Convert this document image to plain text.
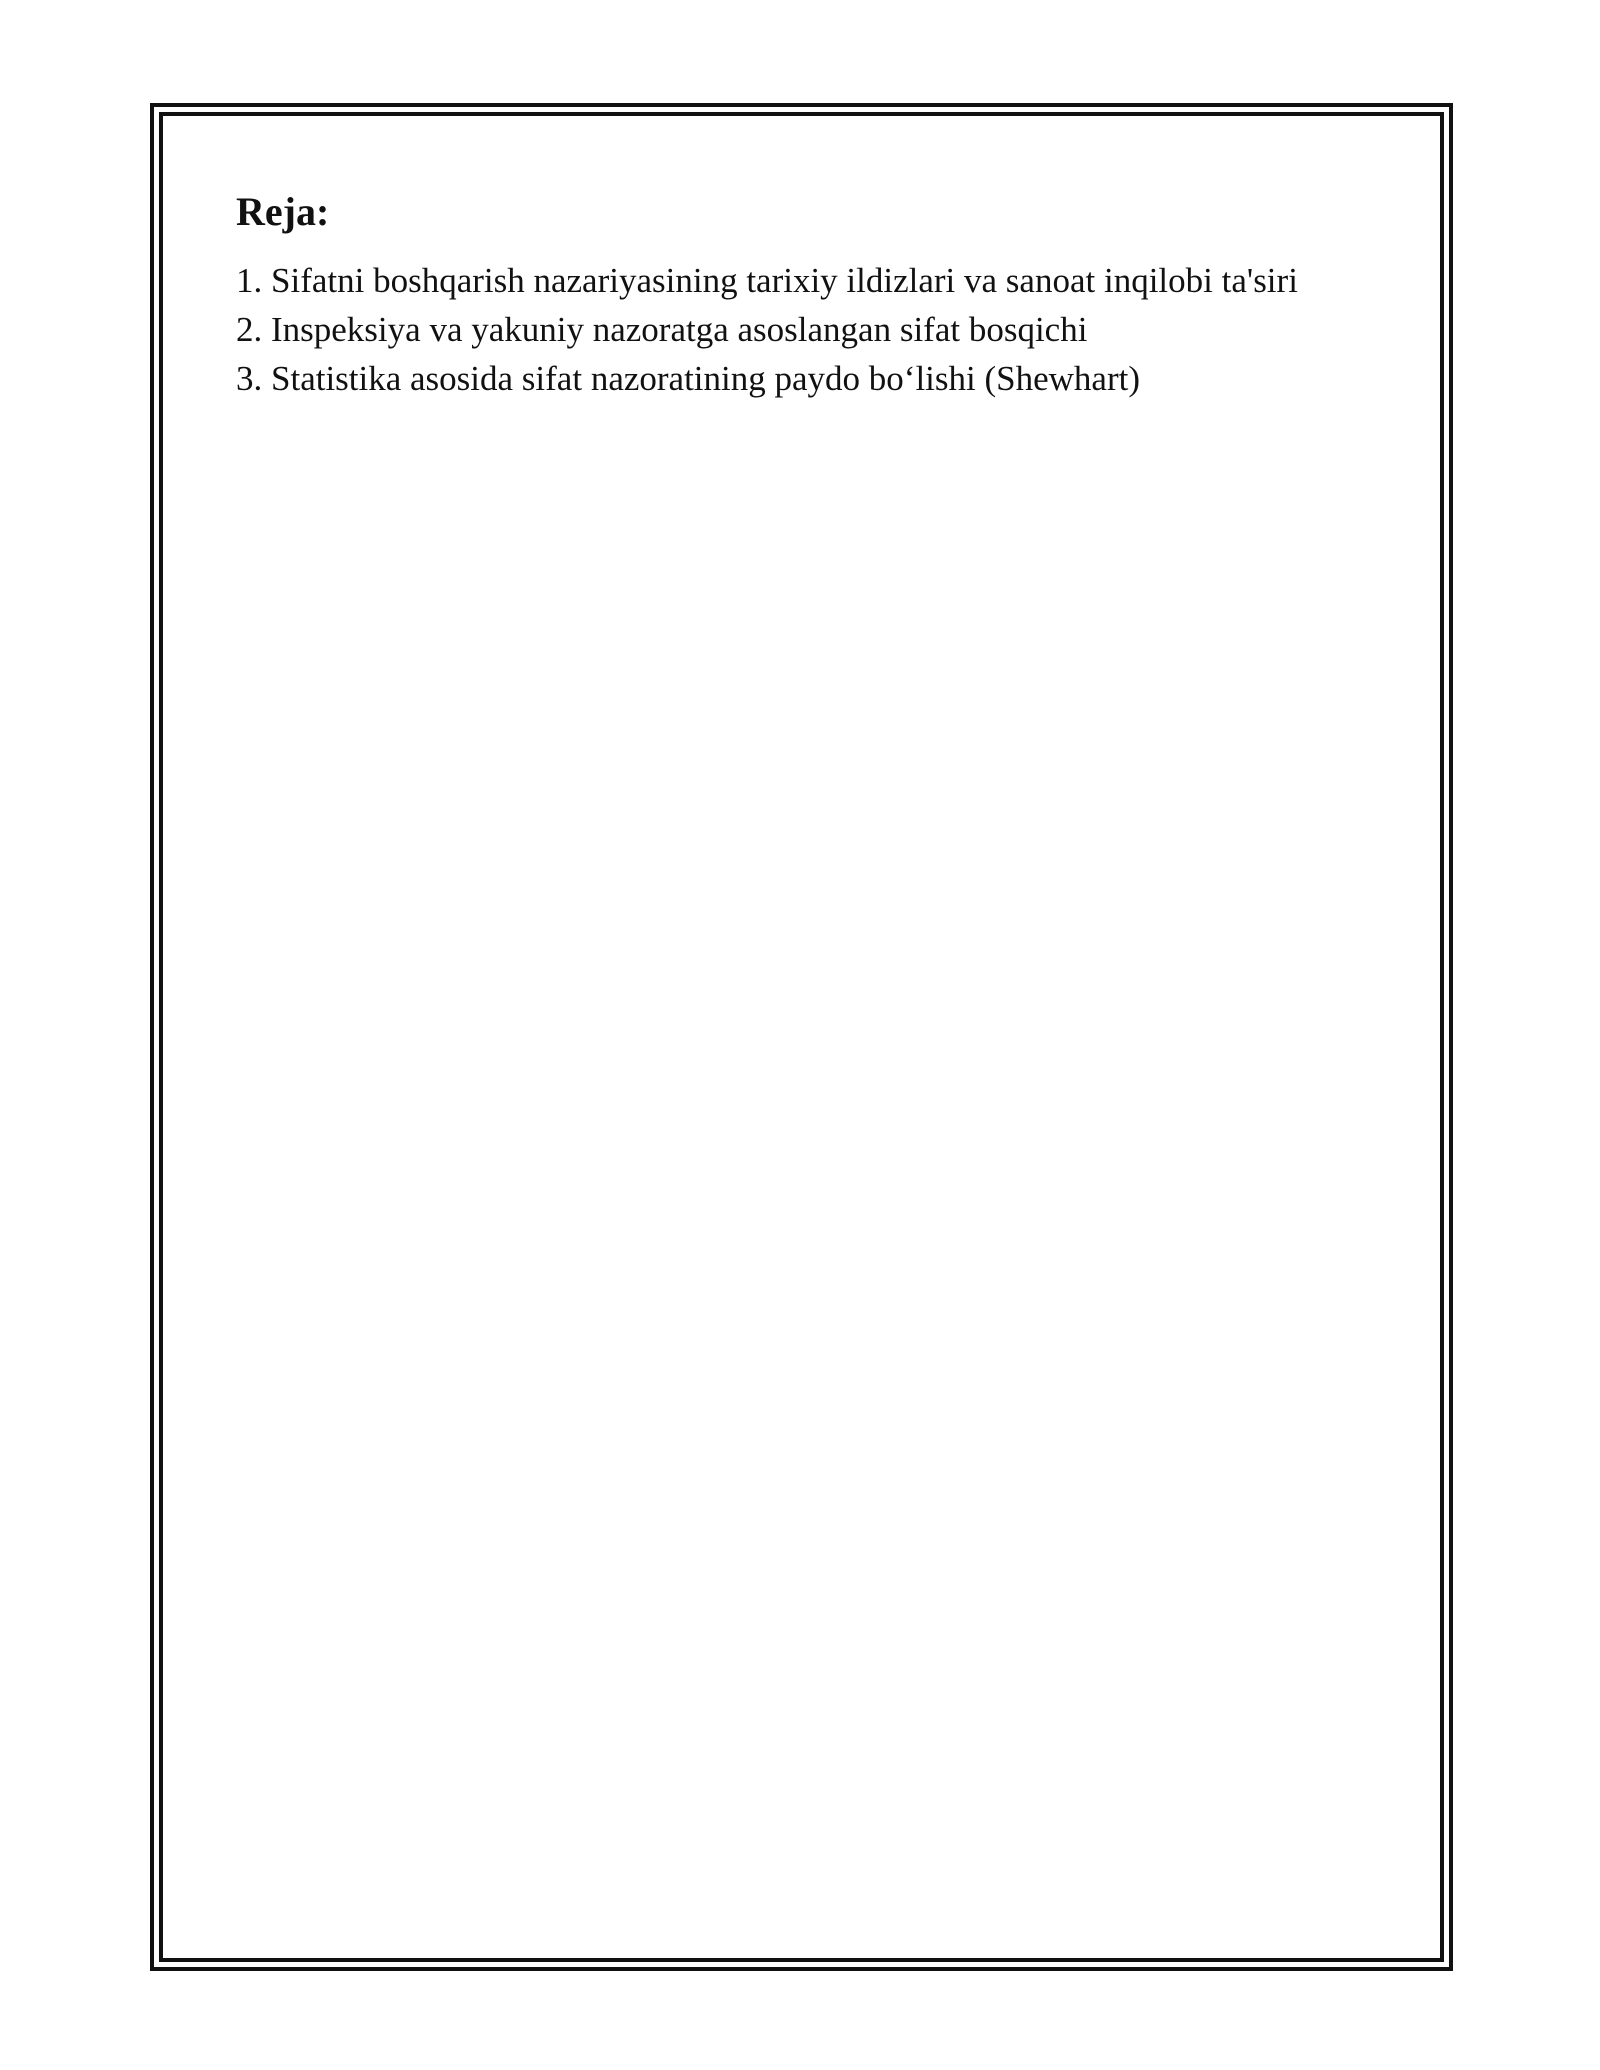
Reja:
1. Sifatni boshqarish nazariyasining tarixiy ildizlari va sanoat inqilobi ta'siri
2. Inspeksiya va yakuniy nazoratga asoslangan sifat bosqichi
3. Statistika asosida sifat nazoratining paydo bo‘lishi (Shewhart)
